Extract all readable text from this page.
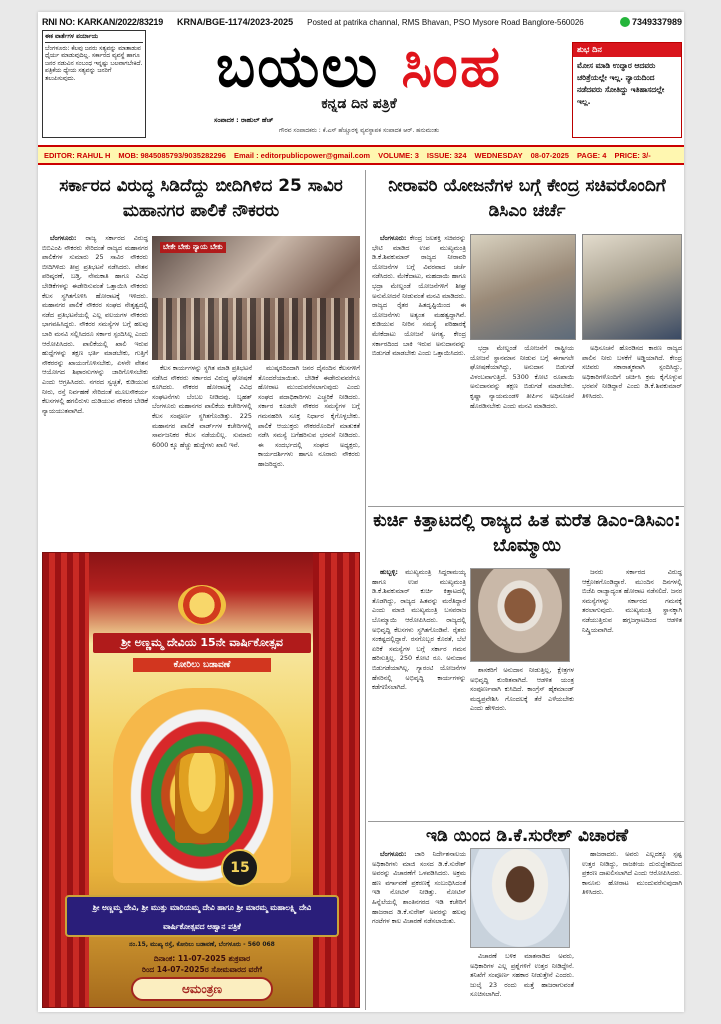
RNI NO: KARKAN/2022/83219 KRNA/BGE-1174/2023-2025 Posted at patrika channal, RMS Bhavan, PSO Mysore Road Banglore-560026	7349337989
ಈಕ ವಾರ್ತೆಗಳ ಪರ್ಯಾಯ
ಬೆಂಗಳೂರು: ಕೆಲವು ಜನರು ಸತ್ಯವನ್ನು ಮಾತಾಡುವ ಧೈರ್ಯ ಮಾಡುವುದಿಲ್ಲ. ಸರ್ಕಾರದ ವ್ಯವಸ್ಥೆ ಹಾಗೂ ಜನರ ನಡುವಿನ ಸಂಬಂಧ ಇನ್ನಷ್ಟು ಬಲವಾಗಬೇಕಿದೆ. ಪತ್ರಿಕೆಯ ಧ್ಯೇಯ ಸತ್ಯವನ್ನು ಜನರಿಗೆ ತಲುಪಿಸುವುದು.	ಬಯಲು ಸಿಂಹ
ಕನ್ನಡ ದಿನ ಪತ್ರಿಕೆ
ಸಂಪಾದಕ : ರಾಹುಲ್ ಹೆಚ್
ಗೌರವ ಸಂಪಾದಕರು : ಕೆ.ಎಸ್ ಹೆಚ್ಚೂರಳ್ಳಿ ವ್ಯವಸ್ಥಾಪಕ ಸಂಪಾದಕ ಆರ್. ಹನುಮಂತು
ಶುಭ ದಿನ
ಮೋಸ ಮಾಡಿ ಉದ್ಧಾರ ಆದವರು ಚರಿತ್ರೆಯಲ್ಲೇ ಇಲ್ಲ. ನ್ಯಾಯದಿಂದ ನಡೆದವರು ಸೋತಿದ್ದು ಇತಿಹಾಸದಲ್ಲೇ ಇಲ್ಲ.
EDITOR: RAHUL H MOB: 9845085793/9035282296 Email : editorpublicpower@gmail.com VOLUME: 3 ISSUE: 324 WEDNESDAY 08-07-2025 PAGE: 4 PRICE: 3/-
ಸರ್ಕಾರದ ವಿರುದ್ಧ ಸಿಡಿದೆದ್ದು ಬೀದಿಗಿಳಿದ 25 ಸಾವಿರ ಮಹಾನಗರ ಪಾಲಿಕೆ ನೌಕರರು

ಬೆಂಗಳೂರು: ರಾಜ್ಯ ಸರ್ಕಾರದ ವಿರುದ್ಧ ಬಿಬಿಎಂಪಿ ನೌಕರರು ಸೇರಿದಂತೆ ರಾಜ್ಯದ ಮಹಾನಗರ ಪಾಲಿಕೆಗಳ ಸುಮಾರು 25 ಸಾವಿರ ನೌಕರರು ಬೀದಿಗಿಳಿದು ತೀವ್ರ ಪ್ರತಿಭಟನೆ ನಡೆಸಿದರು. ವೇತನ ಪರಿಷ್ಕರಣೆ, ಬಡ್ತಿ, ನೇಮಕಾತಿ ಹಾಗೂ ವಿವಿಧ ಬೇಡಿಕೆಗಳನ್ನು ಈಡೇರಿಸುವಂತೆ ಒತ್ತಾಯಿಸಿ ನೌಕರರು ಕೆಲಸ ಸ್ಥಗಿತಗೊಳಿಸಿ ಹೋರಾಟಕ್ಕೆ ಇಳಿದರು. ಮಹಾನಗರ ಪಾಲಿಕೆ ನೌಕರರ ಸಂಘದ ನೇತೃತ್ವದಲ್ಲಿ ನಡೆದ ಪ್ರತಿಭಟನೆಯಲ್ಲಿ ಎಲ್ಲ ವಲಯಗಳ ನೌಕರರು ಭಾಗವಹಿಸಿದ್ದರು. ನೌಕರರ ಸಮಸ್ಯೆಗಳ ಬಗ್ಗೆ ಹಲವು ಬಾರಿ ಮನವಿ ಸಲ್ಲಿಸಿದರೂ ಸರ್ಕಾರ ಸ್ಪಂದಿಸಿಲ್ಲ ಎಂದು ಆರೋಪಿಸಿದರು. ಪಾಲಿಕೆಯಲ್ಲಿ ಖಾಲಿ ಇರುವ ಹುದ್ದೆಗಳನ್ನು ತಕ್ಷಣ ಭರ್ತಿ ಮಾಡಬೇಕು, ಗುತ್ತಿಗೆ ನೌಕರರನ್ನು ಖಾಯಂಗೊಳಿಸಬೇಕು, ಏಳನೇ ವೇತನ ಆಯೋಗದ ಶಿಫಾರಸುಗಳನ್ನು ಜಾರಿಗೊಳಿಸಬೇಕು ಎಂದು ಆಗ್ರಹಿಸಿದರು. ನಗರದ ಸ್ವಚ್ಛತೆ, ಕುಡಿಯುವ ನೀರು, ರಸ್ತೆ ನಿರ್ವಹಣೆ ಸೇರಿದಂತೆ ಮೂಲಸೌಕರ್ಯ ಕೆಲಸಗಳಲ್ಲಿ ಹಗಲಿರುಳು ದುಡಿಯುವ ನೌಕರರ ಬೇಡಿಕೆ ನ್ಯಾಯಯುತವಾಗಿದೆ.

ಬೇಕೇ ಬೇಕು ನ್ಯಾಯ ಬೇಕು

ಕೆಲಸ ಕಾರ್ಯಗಳನ್ನು ಸ್ಥಗಿತ ಮಾಡಿ ಪ್ರತಿಭಟನೆ ನಡೆಸಿದ ನೌಕರರು ಸರ್ಕಾರದ ವಿರುದ್ಧ ಘೋಷಣೆ ಕೂಗಿದರು. ನೌಕರರ ಹೋರಾಟಕ್ಕೆ ವಿವಿಧ ಸಂಘಟನೆಗಳು ಬೆಂಬಲ ನೀಡಿದವು. ಬೃಹತ್ ಬೆಂಗಳೂರು ಮಹಾನಗರ ಪಾಲಿಕೆಯ ಕಚೇರಿಗಳಲ್ಲಿ ಕೆಲಸ ಸಂಪೂರ್ಣ ಸ್ಥಗಿತಗೊಂಡಿತ್ತು. 225 ಮಹಾನಗರ ಪಾಲಿಕೆ ವಾರ್ಡ್‌ಗಳ ಕಚೇರಿಗಳಲ್ಲಿ ಸಾರ್ವಜನಿಕರ ಕೆಲಸ ನಡೆಯಲಿಲ್ಲ. ಸುಮಾರು 6000 ಕ್ಕೂ ಹೆಚ್ಚು ಹುದ್ದೆಗಳು ಖಾಲಿ ಇವೆ.

ಮುಷ್ಕರದಿಂದಾಗಿ ಜನರ ದೈನಂದಿನ ಕೆಲಸಗಳಿಗೆ ತೊಂದರೆಯಾಯಿತು. ಬೇಡಿಕೆ ಈಡೇರುವವರೆಗೂ ಹೋರಾಟ ಮುಂದುವರೆಸಲಾಗುವುದು ಎಂದು ಸಂಘದ ಪದಾಧಿಕಾರಿಗಳು ಎಚ್ಚರಿಕೆ ನೀಡಿದರು. ಸರ್ಕಾರ ಕೂಡಲೇ ನೌಕರರ ಸಮಸ್ಯೆಗಳ ಬಗ್ಗೆ ಗಮನಹರಿಸಿ ಸೂಕ್ತ ನಿರ್ಧಾರ ಕೈಗೊಳ್ಳಬೇಕು. ಪಾಲಿಕೆ ಆಯುಕ್ತರು ನೌಕರರೊಂದಿಗೆ ಮಾತುಕತೆ ನಡೆಸಿ ಸಮಸ್ಯೆ ಬಗೆಹರಿಸುವ ಭರವಸೆ ನೀಡಿದರು. ಈ ಸಂದರ್ಭದಲ್ಲಿ ಸಂಘದ ಅಧ್ಯಕ್ಷರು, ಕಾರ್ಯದರ್ಶಿಗಳು ಹಾಗೂ ನೂರಾರು ನೌಕರರು ಹಾಜರಿದ್ದರು.

ನೀರಾವರಿ ಯೋಜನೆಗಳ ಬಗ್ಗೆ ಕೇಂದ್ರ ಸಚಿವರೊಂದಿಗೆ ಡಿಸಿಎಂ ಚರ್ಚೆ

ಬೆಂಗಳೂರು: ಕೇಂದ್ರ ಜಲಶಕ್ತಿ ಸಚಿವರನ್ನು ಭೇಟಿ ಮಾಡಿದ ಉಪ ಮುಖ್ಯಮಂತ್ರಿ ಡಿ.ಕೆ.ಶಿವಕುಮಾರ್ ರಾಜ್ಯದ ನೀರಾವರಿ ಯೋಜನೆಗಳ ಬಗ್ಗೆ ವಿವರವಾದ ಚರ್ಚೆ ನಡೆಸಿದರು. ಮೇಕೆದಾಟು, ಮಹದಾಯಿ ಹಾಗೂ ಭದ್ರಾ ಮೇಲ್ದಂಡೆ ಯೋಜನೆಗಳಿಗೆ ಶೀಘ್ರ ಅನುಮೋದನೆ ನೀಡುವಂತೆ ಮನವಿ ಮಾಡಿದರು. ರಾಜ್ಯದ ರೈತರ ಹಿತದೃಷ್ಟಿಯಿಂದ ಈ ಯೋಜನೆಗಳು ಅತ್ಯಂತ ಮಹತ್ವದ್ದಾಗಿವೆ. ಕುಡಿಯುವ ನೀರಿನ ಸಮಸ್ಯೆ ಪರಿಹಾರಕ್ಕೆ ಮೇಕೆದಾಟು ಯೋಜನೆ ಅಗತ್ಯ. ಕೇಂದ್ರ ಸರ್ಕಾರದಿಂದ ಬಾಕಿ ಇರುವ ಅನುದಾನವನ್ನು ಬಿಡುಗಡೆ ಮಾಡಬೇಕು ಎಂದು ಒತ್ತಾಯಿಸಿದರು.

ಭದ್ರಾ ಮೇಲ್ದಂಡೆ ಯೋಜನೆಗೆ ರಾಷ್ಟ್ರೀಯ ಯೋಜನೆ ಸ್ಥಾನಮಾನ ನೀಡುವ ಬಗ್ಗೆ ಈಗಾಗಲೇ ಘೋಷಣೆಯಾಗಿದ್ದು, ಅನುದಾನ ಬಿಡುಗಡೆ ವಿಳಂಬವಾಗುತ್ತಿದೆ. 5300 ಕೋಟಿ ರೂಪಾಯಿ ಅನುದಾನವನ್ನು ತಕ್ಷಣ ಬಿಡುಗಡೆ ಮಾಡಬೇಕು. ಕೃಷ್ಣಾ ನ್ಯಾಯಮಂಡಳಿ ತೀರ್ಪಿನ ಅಧಿಸೂಚನೆ ಹೊರಡಿಸಬೇಕು ಎಂದು ಮನವಿ ಮಾಡಿದರು.

ಅಧಿಸೂಚನೆ ಹೊರಡಿಸದ ಕಾರಣ ರಾಜ್ಯದ ಪಾಲಿನ ನೀರು ಬಳಕೆಗೆ ಅಡ್ಡಿಯಾಗಿದೆ. ಕೇಂದ್ರ ಸಚಿವರು ಸಕಾರಾತ್ಮಕವಾಗಿ ಸ್ಪಂದಿಸಿದ್ದು, ಅಧಿಕಾರಿಗಳೊಂದಿಗೆ ಚರ್ಚಿಸಿ ಕ್ರಮ ಕೈಗೊಳ್ಳುವ ಭರವಸೆ ನೀಡಿದ್ದಾರೆ ಎಂದು ಡಿ.ಕೆ.ಶಿವಕುಮಾರ್ ತಿಳಿಸಿದರು.

ಕುರ್ಚಿ ಕಿತ್ತಾಟದಲ್ಲಿ ರಾಜ್ಯದ ಹಿತ ಮರೆತ ಡಿಎಂ-ಡಿಸಿಎಂ: ಬೊಮ್ಮಾಯಿ

ಹುಬ್ಬಳ್ಳಿ: ಮುಖ್ಯಮಂತ್ರಿ ಸಿದ್ದರಾಮಯ್ಯ ಹಾಗೂ ಉಪ ಮುಖ್ಯಮಂತ್ರಿ ಡಿ.ಕೆ.ಶಿವಕುಮಾರ್ ಕುರ್ಚಿ ಕಿತ್ತಾಟದಲ್ಲಿ ತೊಡಗಿದ್ದು, ರಾಜ್ಯದ ಹಿತವನ್ನು ಮರೆತಿದ್ದಾರೆ ಎಂದು ಮಾಜಿ ಮುಖ್ಯಮಂತ್ರಿ ಬಸವರಾಜ ಬೊಮ್ಮಾಯಿ ಆರೋಪಿಸಿದರು. ರಾಜ್ಯದಲ್ಲಿ ಅಭಿವೃದ್ಧಿ ಕೆಲಸಗಳು ಸ್ಥಗಿತಗೊಂಡಿವೆ. ರೈತರು ಸಂಕಷ್ಟದಲ್ಲಿದ್ದಾರೆ. ರಸಗೊಬ್ಬರ ಕೊರತೆ, ಬೆಲೆ ಏರಿಕೆ ಸಮಸ್ಯೆಗಳ ಬಗ್ಗೆ ಸರ್ಕಾರ ಗಮನ ಹರಿಸುತ್ತಿಲ್ಲ. 250 ಕೋಟಿ ರೂ. ಅನುದಾನ ಬಿಡುಗಡೆಯಾಗಿಲ್ಲ. ಗ್ಯಾರಂಟಿ ಯೋಜನೆಗಳ ಹೆಸರಿನಲ್ಲಿ ಅಭಿವೃದ್ಧಿ ಕಾರ್ಯಗಳನ್ನು ಕಡೆಗಣಿಸಲಾಗಿದೆ.

ಶಾಸಕರಿಗೆ ಅನುದಾನ ನೀಡುತ್ತಿಲ್ಲ, ಕ್ಷೇತ್ರಗಳ ಅಭಿವೃದ್ಧಿ ಕುಂಠಿತವಾಗಿದೆ. ಆಡಳಿತ ಯಂತ್ರ ಸಂಪೂರ್ಣವಾಗಿ ಕುಸಿದಿದೆ. ಕಾಂಗ್ರೆಸ್ ಹೈಕಮಾಂಡ್ ಮಧ್ಯಪ್ರವೇಶಿಸಿ ಗೊಂದಲಕ್ಕೆ ತೆರೆ ಎಳೆಯಬೇಕು ಎಂದು ಹೇಳಿದರು.

ಜನರು ಸರ್ಕಾರದ ವಿರುದ್ಧ ಆಕ್ರೋಶಗೊಂಡಿದ್ದಾರೆ. ಮುಂದಿನ ದಿನಗಳಲ್ಲಿ ಬಿಜೆಪಿ ರಾಜ್ಯಾದ್ಯಂತ ಹೋರಾಟ ನಡೆಸಲಿದೆ. ಜನರ ಸಮಸ್ಯೆಗಳನ್ನು ಸರ್ಕಾರದ ಗಮನಕ್ಕೆ ತರಲಾಗುವುದು. ಮುಖ್ಯಮಂತ್ರಿ ಸ್ಥಾನಕ್ಕಾಗಿ ನಡೆಯುತ್ತಿರುವ ಹಗ್ಗಜಗ್ಗಾಟದಿಂದ ಆಡಳಿತ ನಿಷ್ಕ್ರಿಯವಾಗಿದೆ.

ಇಡಿ ಯಿಂದ ಡಿ.ಕೆ.ಸುರೇಶ್ ವಿಚಾರಣೆ

ಬೆಂಗಳೂರು: ಜಾರಿ ನಿರ್ದೇಶನಾಲಯ ಅಧಿಕಾರಿಗಳು ಮಾಜಿ ಸಂಸದ ಡಿ.ಕೆ.ಸುರೇಶ್ ಅವರನ್ನು ವಿಚಾರಣೆಗೆ ಒಳಪಡಿಸಿದರು. ಅಕ್ರಮ ಹಣ ವರ್ಗಾವಣೆ ಪ್ರಕರಣಕ್ಕೆ ಸಂಬಂಧಿಸಿದಂತೆ ಇಡಿ ನೋಟಿಸ್ ನೀಡಿತ್ತು. ನೋಟಿಸ್ ಹಿನ್ನೆಲೆಯಲ್ಲಿ ಶಾಂತಿನಗರದ ಇಡಿ ಕಚೇರಿಗೆ ಹಾಜರಾದ ಡಿ.ಕೆ.ಸುರೇಶ್ ಅವರನ್ನು ಹಲವು ಗಂಟೆಗಳ ಕಾಲ ವಿಚಾರಣೆ ನಡೆಸಲಾಯಿತು.

ವಿಚಾರಣೆ ಬಳಿಕ ಮಾತನಾಡಿದ ಅವರು, ಅಧಿಕಾರಿಗಳ ಎಲ್ಲ ಪ್ರಶ್ನೆಗಳಿಗೆ ಉತ್ತರ ನೀಡಿದ್ದೇನೆ. ತನಿಖೆಗೆ ಸಂಪೂರ್ಣ ಸಹಕಾರ ನೀಡುತ್ತೇನೆ ಎಂದರು. ಜುಲೈ 23 ರಂದು ಮತ್ತೆ ಹಾಜರಾಗುವಂತೆ ಸೂಚಿಸಲಾಗಿದೆ.

ಹಾಜರಾದರು. ಅವರು ಎಲ್ಲದಕ್ಕೂ ಸ್ಪಷ್ಟ ಉತ್ತರ ನೀಡಿದ್ದು, ರಾಜಕೀಯ ದುರುದ್ದೇಶದಿಂದ ಪ್ರಕರಣ ದಾಖಲಿಸಲಾಗಿದೆ ಎಂದು ಆರೋಪಿಸಿದರು. ಕಾನೂನು ಹೋರಾಟ ಮುಂದುವರೆಸುವುದಾಗಿ ತಿಳಿಸಿದರು.

ಶ್ರೀ ಅಣ್ಣಮ್ಮ ದೇವಿಯ 15ನೇ ವಾರ್ಷಿಕೋತ್ಸವ
ಕೋರಿಲು ಬಡಾವಣೆ
15
ಶ್ರೀ ಅಣ್ಣಮ್ಮ ದೇವಿ, ಶ್ರೀ ಮುತ್ತು ಮಾರಿಯಮ್ಮ ದೇವಿ ಹಾಗೂ ಶ್ರೀ ಮಾರಮ್ಮ ಮಹಾಲಕ್ಷ್ಮಿ ದೇವಿ ವಾರ್ಷಿಕೋತ್ಸವದ ಆಹ್ವಾನ ಪತ್ರಿಕೆ
ನಂ.15, ಮುಖ್ಯ ರಸ್ತೆ, ಕೋರಿಲು ಬಡಾವಣೆ, ಬೆಂಗಳೂರು - 560 068
ದಿನಾಂಕ: 11-07-2025 ಶುಕ್ರವಾರ
ರಿಂದ 14-07-2025ರ ಸೋಮವಾರದ ವರೆಗೆ
ಆಮಂತ್ರಣ
